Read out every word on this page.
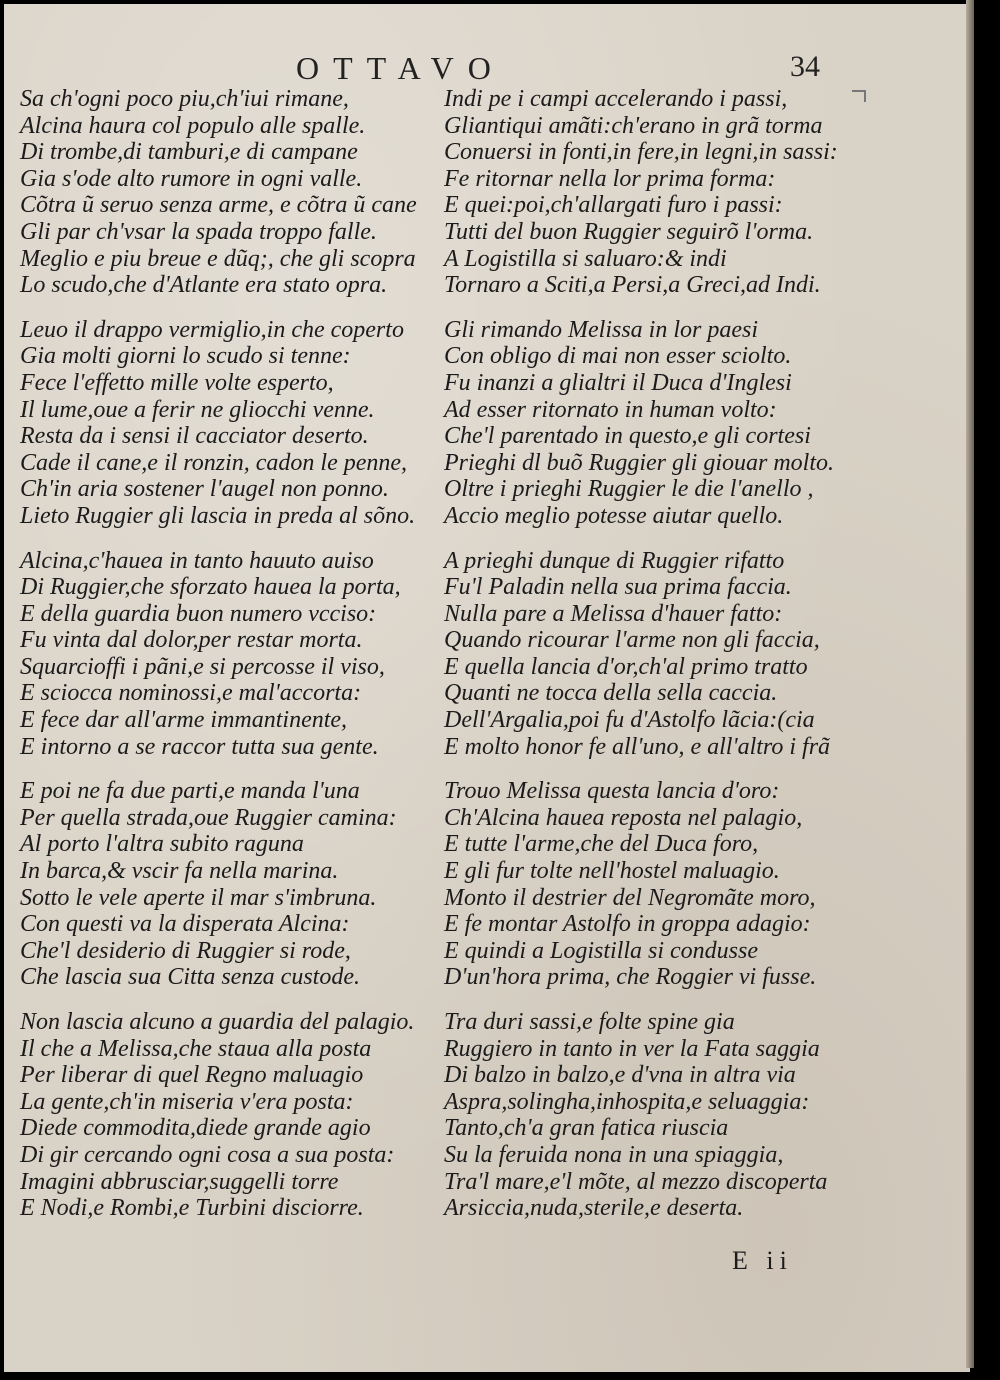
OTTAVO	34
Sa ch'ogni poco piu,ch'iui rimane,
Alcina haura col populo alle spalle.
Di trombe,di tamburi,e di campane
Gia s'ode alto rumore in ogni valle.
Cõtra ũ seruo senza arme, e cõtra ũ cane
Gli par ch'vsar la spada troppo falle.
Meglio e piu breue e dũq;, che gli scopra
Lo scudo,che d'Atlante era stato opra.
Leuo il drappo vermiglio,in che coperto
Gia molti giorni lo scudo si tenne:
Fece l'effetto mille volte esperto,
Il lume,oue a ferir ne gliocchi venne.
Resta da i sensi il cacciator deserto.
Cade il cane,e il ronzin, cadon le penne,
Ch'in aria sostener l'augel non ponno.
Lieto Ruggier gli lascia in preda al sõno.
Alcina,c'hauea in tanto hauuto auiso
Di Ruggier,che sforzato hauea la porta,
E della guardia buon numero vcciso:
Fu vinta dal dolor,per restar morta.
Squarcioffi i pãni,e si percosse il viso,
E sciocca nominossi,e mal'accorta:
E fece dar all'arme immantinente,
E intorno a se raccor tutta sua gente.
E poi ne fa due parti,e manda l'una
Per quella strada,oue Ruggier camina:
Al porto l'altra subito raguna
In barca,& vscir fa nella marina.
Sotto le vele aperte il mar s'imbruna.
Con questi va la disperata Alcina:
Che'l desiderio di Ruggier si rode,
Che lascia sua Citta senza custode.
Non lascia alcuno a guardia del palagio.
Il che a Melissa,che staua alla posta
Per liberar di quel Regno maluagio
La gente,ch'in miseria v'era posta:
Diede commodita,diede grande agio
Di gir cercando ogni cosa a sua posta:
Imagini abbrusciar,suggelli torre
E Nodi,e Rombi,e Turbini disciorre.
Indi pe i campi accelerando i passi,
Gliantiqui amãti:ch'erano in grã torma
Conuersi in fonti,in fere,in legni,in sassi:
Fe ritornar nella lor prima forma:
E quei:poi,ch'allargati furo i passi:
Tutti del buon Ruggier seguirõ l'orma.
A Logistilla si saluaro:& indi
Tornaro a Sciti,a Persi,a Greci,ad Indi.
Gli rimando Melissa in lor paesi
Con obligo di mai non esser sciolto.
Fu inanzi a glialtri il Duca d'Inglesi
Ad esser ritornato in human volto:
Che'l parentado in questo,e gli cortesi
Prieghi dl buõ Ruggier gli giouar molto.
Oltre i prieghi Ruggier le die l'anello ,
Accio meglio potesse aiutar quello.
A prieghi dunque di Ruggier rifatto
Fu'l Paladin nella sua prima faccia.
Nulla pare a Melissa d'hauer fatto:
Quando ricourar l'arme non gli faccia,
E quella lancia d'or,ch'al primo tratto
Quanti ne tocca della sella caccia.
Dell'Argalia,poi fu d'Astolfo lãcia:(cia
E molto honor fe all'uno, e all'altro i frã
Trouo Melissa questa lancia d'oro:
Ch'Alcina hauea reposta nel palagio,
E tutte l'arme,che del Duca foro,
E gli fur tolte nell'hostel maluagio.
Monto il destrier del Negromãte moro,
E fe montar Astolfo in groppa adagio:
E quindi a Logistilla si condusse
D'un'hora prima, che Roggier vi fusse.
Tra duri sassi,e folte spine gia
Ruggiero in tanto in ver la Fata saggia
Di balzo in balzo,e d'vna in altra via
Aspra,solingha,inhospita,e seluaggia:
Tanto,ch'a gran fatica riuscia
Su la feruida nona in una spiaggia,
Tra'l mare,e'l mõte, al mezzo discoperta
Arsiccia,nuda,sterile,e deserta.
E ii
